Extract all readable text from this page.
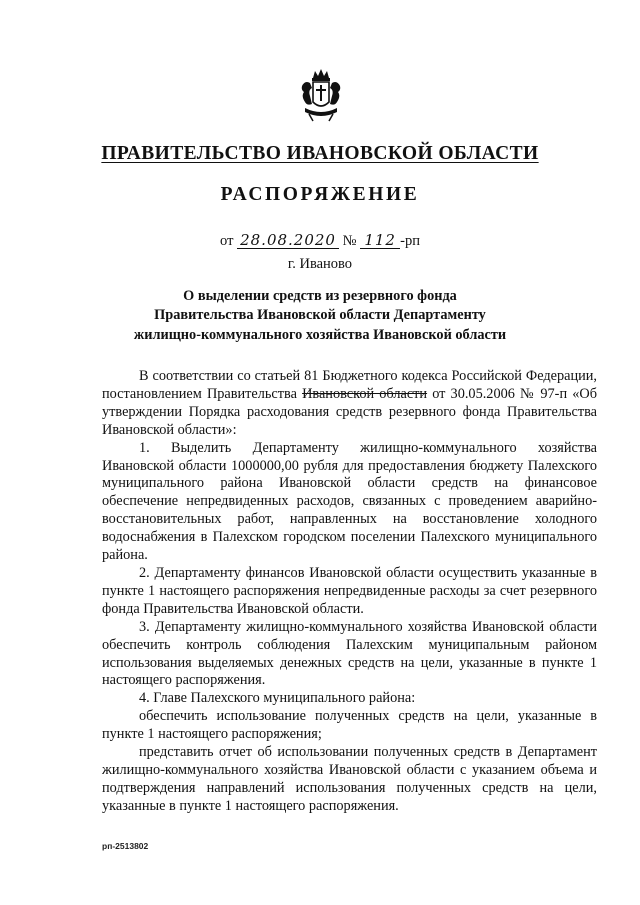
ПРАВИТЕЛЬСТВО ИВАНОВСКОЙ ОБЛАСТИ
РАСПОРЯЖЕНИЕ
от 28.08.2020 № 112 -рп
г. Иваново
О выделении средств из резервного фонда
Правительства Ивановской области Департаменту
жилищно-коммунального хозяйства Ивановской области

В соответствии со статьей 81 Бюджетного кодекса Российской Федерации, постановлением Правительства Ивановской области от 30.05.2006 № 97-п «Об утверждении Порядка расходования средств резервного фонда Правительства Ивановской области»:

1. Выделить Департаменту жилищно-коммунального хозяйства Ивановской области 1000000,00 рубля для предоставления бюджету Палехского муниципального района Ивановской области средств на финансовое обеспечение непредвиденных расходов, связанных с проведением аварийно-восстановительных работ, направленных на восстановление холодного водоснабжения в Палехском городском поселении Палехского муниципального района.

2. Департаменту финансов Ивановской области осуществить указанные в пункте 1 настоящего распоряжения непредвиденные расходы за счет резервного фонда Правительства Ивановской области.

3. Департаменту жилищно-коммунального хозяйства Ивановской области обеспечить контроль соблюдения Палехским муниципальным районом использования выделяемых денежных средств на цели, указанные в пункте 1 настоящего распоряжения.

4. Главе Палехского муниципального района:

обеспечить использование полученных средств на цели, указанные в пункте 1 настоящего распоряжения;

представить отчет об использовании полученных средств в Департамент жилищно-коммунального хозяйства Ивановской области с указанием объема и подтверждения направлений использования полученных средств на цели, указанные в пункте 1 настоящего распоряжения.

рп-2513802
